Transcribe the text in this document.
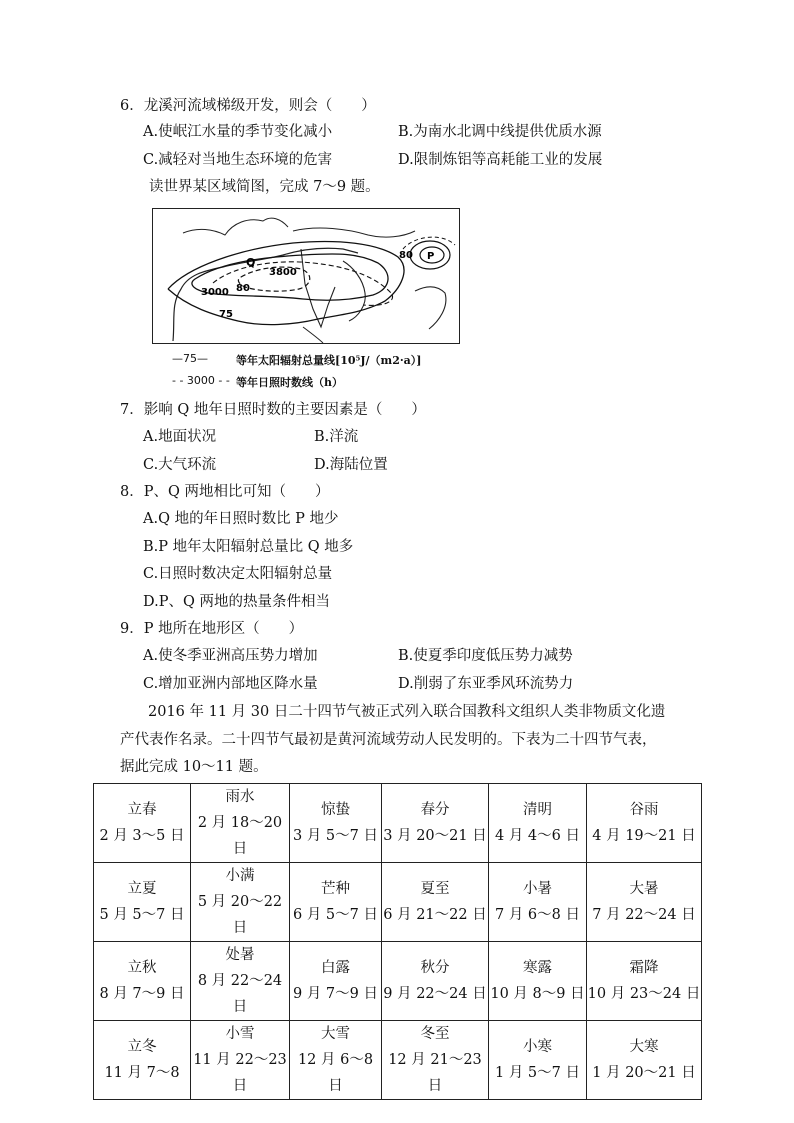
6．龙溪河流域梯级开发，则会（　　）
A.使岷江水量的季节变化减小	B.为南水北调中线提供优质水源
C.减轻对当地生态环境的危害	D.限制炼铝等高耗能工业的发展
读世界某区域简图，完成 7～9 题。
Q
3800
3000 80
75
80 P
—75—	等年太阳辐射总量线[10⁵J/（m2·a）]
- - 3000 - - 等年日照时数线（h）
7．影响 Q 地年日照时数的主要因素是（　　）
A.地面状况	B.洋流
C.大气环流	D.海陆位置
8．P、Q 两地相比可知（　　）
A.Q 地的年日照时数比 P 地少
B.P 地年太阳辐射总量比 Q 地多
C.日照时数决定太阳辐射总量
D.P、Q 两地的热量条件相当
9．P 地所在地形区（　　）
A.使冬季亚洲高压势力增加	B.使夏季印度低压势力减势
C.增加亚洲内部地区降水量	D.削弱了东亚季风环流势力
2016 年 11 月 30 日二十四节气被正式列入联合国教科文组织人类非物质文化遗
产代表作名录。二十四节气最初是黄河流域劳动人民发明的。下表为二十四节气表，
据此完成 10～11 题。
立春
2 月 3～5 日	雨水
2 月 18～20 日	惊蛰
3 月 5～7 日	春分
3 月 20～21 日	清明
4 月 4～6 日	谷雨
4 月 19～21 日

立夏
5 月 5～7 日	小满
5 月 20～22 日	芒种
6 月 5～7 日	夏至
6 月 21～22 日	小暑
7 月 6～8 日	大暑
7 月 22～24 日

立秋
8 月 7～9 日	处暑
8 月 22～24 日	白露
9 月 7～9 日	秋分
9 月 22～24 日	寒露
10 月 8～9 日	霜降
10 月 23～24 日

立冬
11 月 7～8	小雪
11 月 22～23 日	大雪
12 月 6～8 日	冬至
12 月 21～23 日	小寒
1 月 5～7 日	大寒
1 月 20～21 日
